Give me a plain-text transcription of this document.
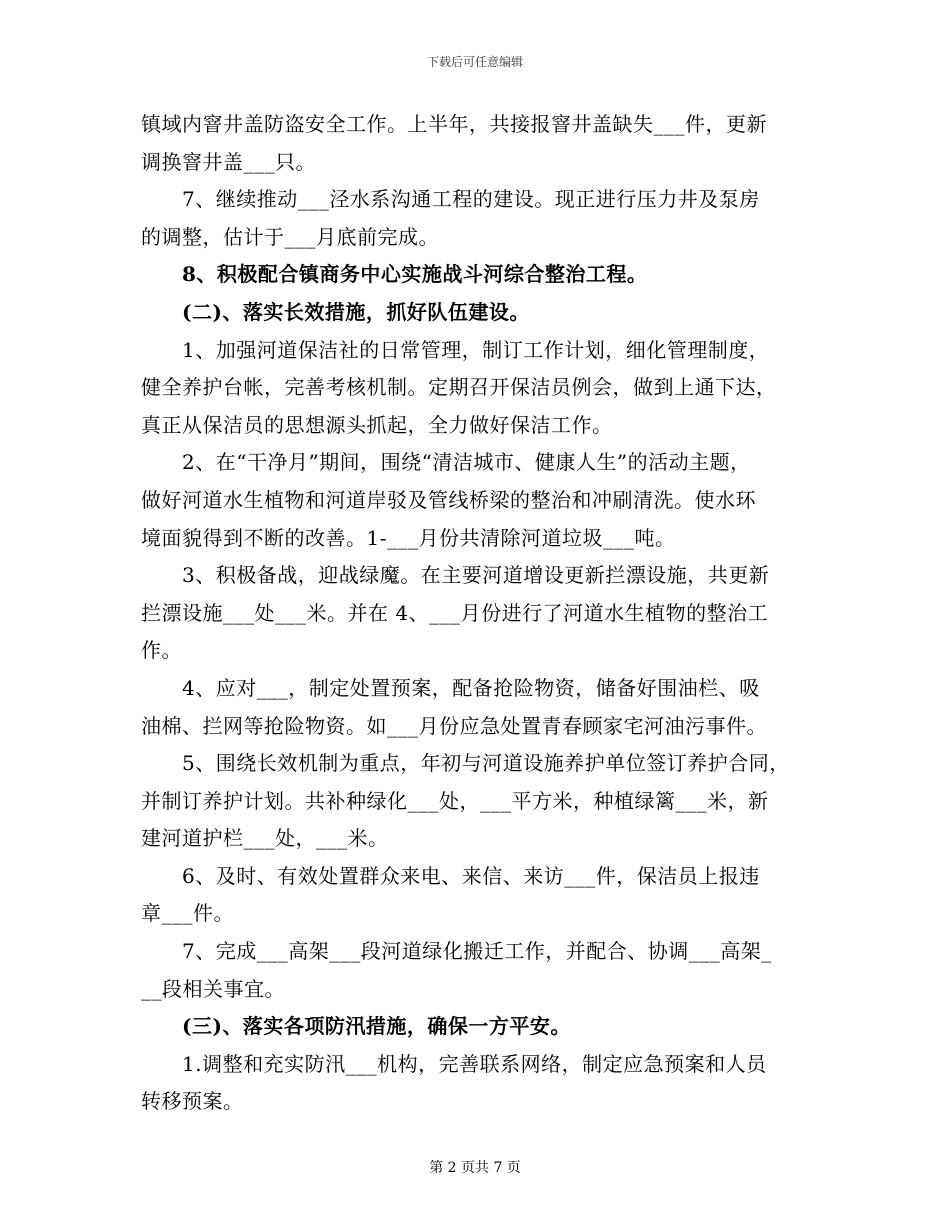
下载后可任意编辑
镇域内窨井盖防盗安全工作。上半年，共接报窨井盖缺失___件，更新
调换窨井盖___只。
　　7、继续推动___泾水系沟通工程的建设。现正进行压力井及泵房
的调整，估计于___月底前完成。
　　8、积极配合镇商务中心实施战斗河综合整治工程。
　　(二)、落实长效措施，抓好队伍建设。
　　1、加强河道保洁社的日常管理，制订工作计划，细化管理制度，
健全养护台帐，完善考核机制。定期召开保洁员例会，做到上通下达，
真正从保洁员的思想源头抓起，全力做好保洁工作。
　　2、在“干净月”期间，围绕“清洁城市、健康人生”的活动主题，
做好河道水生植物和河道岸驳及管线桥梁的整治和冲刷清洗。使水环
境面貌得到不断的改善。1-___月份共清除河道垃圾___吨。
　　3、积极备战，迎战绿魔。在主要河道增设更新拦漂设施，共更新
拦漂设施___处___米。并在 4、___月份进行了河道水生植物的整治工
作。
　　4、应对___，制定处置预案，配备抢险物资，储备好围油栏、吸
油棉、拦网等抢险物资。如___月份应急处置青春顾家宅河油污事件。
　　5、围绕长效机制为重点，年初与河道设施养护单位签订养护合同，
并制订养护计划。共补种绿化___处，___平方米，种植绿篱___米，新
建河道护栏___处，___米。
　　6、及时、有效处置群众来电、来信、来访___件，保洁员上报违
章___件。
　　7、完成___高架___段河道绿化搬迁工作，并配合、协调___高架_
__段相关事宜。
　　(三)、落实各项防汛措施，确保一方平安。
　　1.调整和充实防汛___机构，完善联系网络，制定应急预案和人员
转移预案。
第 2 页共 7 页
